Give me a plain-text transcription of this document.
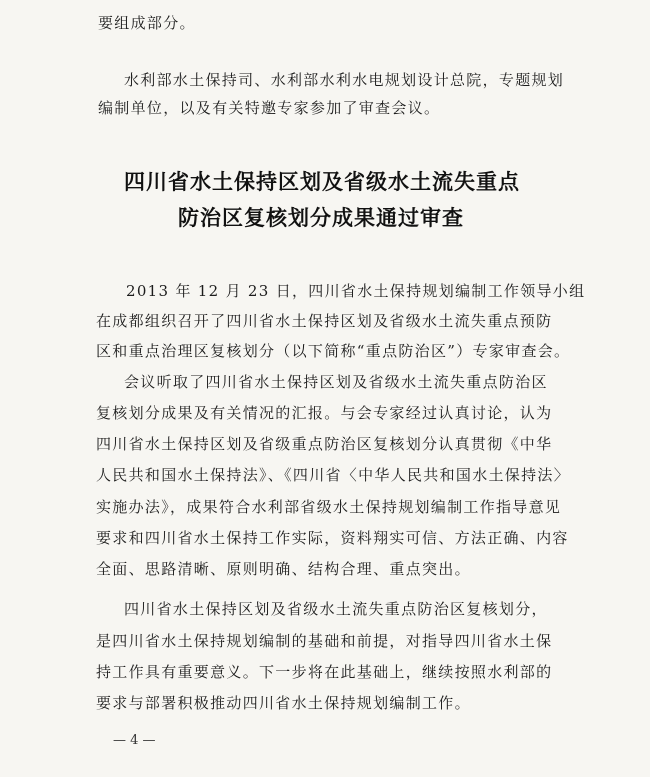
要组成部分。
水利部水土保持司、水利部水利水电规划设计总院，专题规划
编制单位，以及有关特邀专家参加了审查会议。
四川省水土保持区划及省级水土流失重点
防治区复核划分成果通过审查
2013 年 12 月 23 日，四川省水土保持规划编制工作领导小组
在成都组织召开了四川省水土保持区划及省级水土流失重点预防
区和重点治理区复核划分（以下简称“重点防治区”）专家审查会。
会议听取了四川省水土保持区划及省级水土流失重点防治区
复核划分成果及有关情况的汇报。与会专家经过认真讨论，认为
四川省水土保持区划及省级重点防治区复核划分认真贯彻《中华
人民共和国水土保持法》、《四川省〈中华人民共和国水土保持法〉
实施办法》，成果符合水利部省级水土保持规划编制工作指导意见
要求和四川省水土保持工作实际，资料翔实可信、方法正确、内容
全面、思路清晰、原则明确、结构合理、重点突出。
四川省水土保持区划及省级水土流失重点防治区复核划分，
是四川省水土保持规划编制的基础和前提，对指导四川省水土保
持工作具有重要意义。下一步将在此基础上，继续按照水利部的
要求与部署积极推动四川省水土保持规划编制工作。
— 4 —
